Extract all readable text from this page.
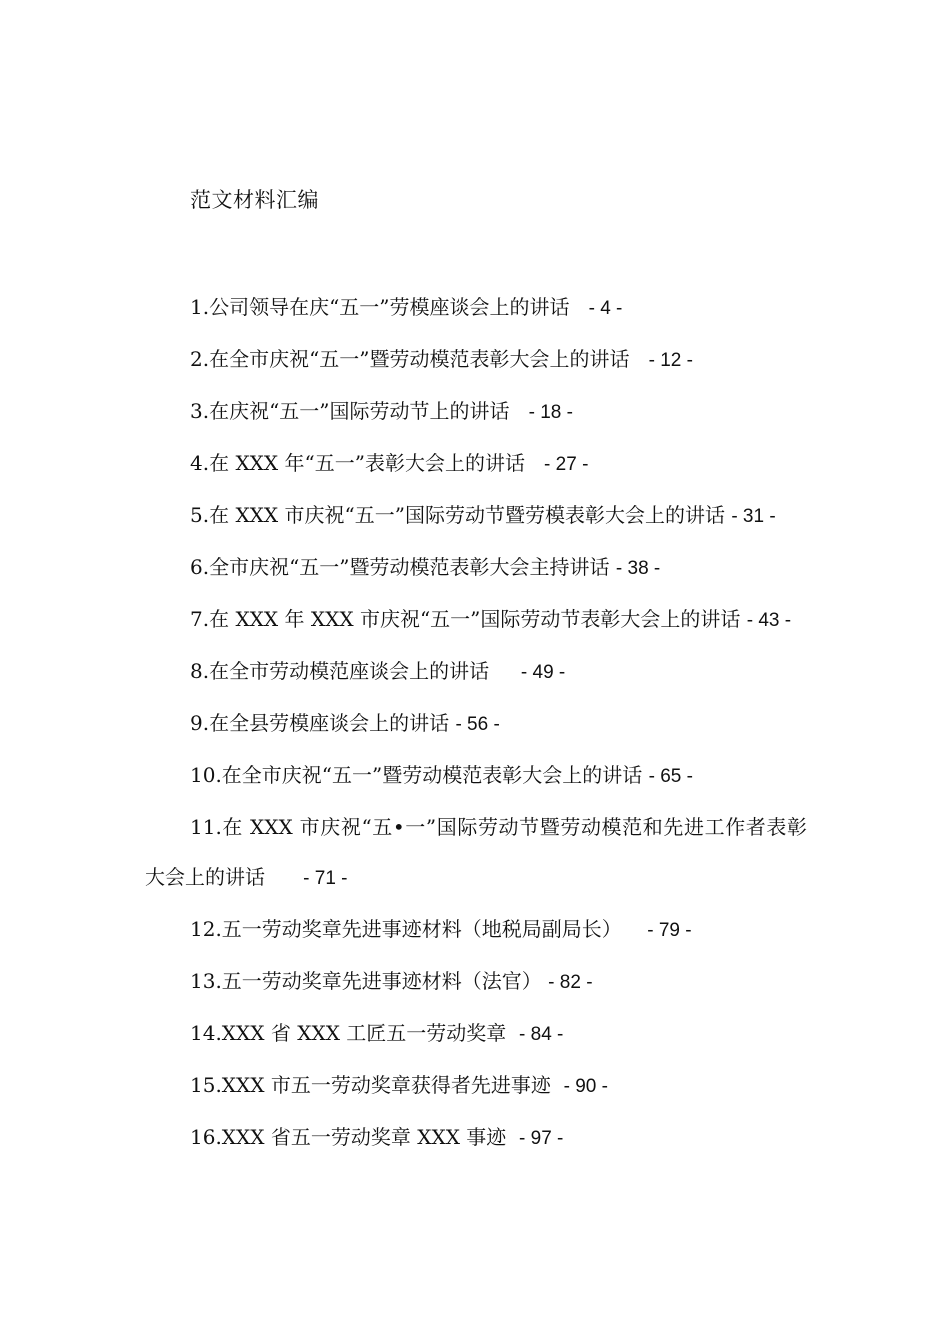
范文材料汇编
1.公司领导在庆“五一”劳模座谈会上的讲话 - 4 -
2.在全市庆祝“五一”暨劳动模范表彰大会上的讲话 - 12 -
3.在庆祝“五一”国际劳动节上的讲话 - 18 -
4.在 XXX 年“五一”表彰大会上的讲话 - 27 -
5.在 XXX 市庆祝“五一”国际劳动节暨劳模表彰大会上的讲话 - 31 -
6.全市庆祝“五一”暨劳动模范表彰大会主持讲话 - 38 -
7.在 XXX 年 XXX 市庆祝“五一”国际劳动节表彰大会上的讲话 - 43 -
8.在全市劳动模范座谈会上的讲话 - 49 -
9.在全县劳模座谈会上的讲话 - 56 -
10.在全市庆祝“五一”暨劳动模范表彰大会上的讲话 - 65 -
11.在 XXX 市庆祝“五•一”国际劳动节暨劳动模范和先进工作者表彰大会上的讲话 - 71 -
12.五一劳动奖章先进事迹材料（地税局副局长） - 79 -
13.五一劳动奖章先进事迹材料（法官） - 82 -
14.XXX 省 XXX 工匠五一劳动奖章 - 84 -
15.XXX 市五一劳动奖章获得者先进事迹 - 90 -
16.XXX 省五一劳动奖章 XXX 事迹 - 97 -
